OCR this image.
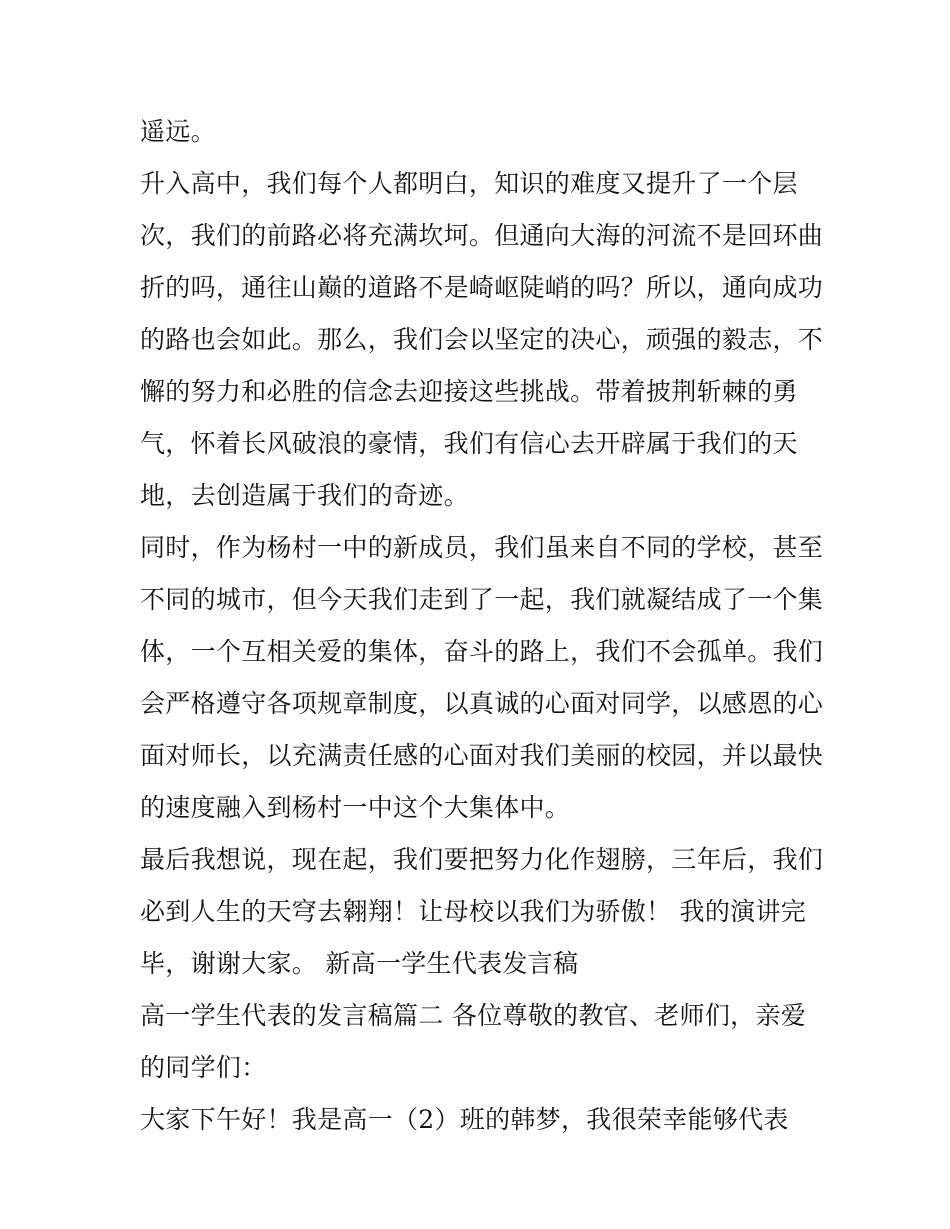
遥远。
升入高中，我们每个人都明白，知识的难度又提升了一个层
次，我们的前路必将充满坎坷。但通向大海的河流不是回环曲
折的吗，通往山巅的道路不是崎岖陡峭的吗？所以，通向成功
的路也会如此。那么，我们会以坚定的决心，顽强的毅志，不
懈的努力和必胜的信念去迎接这些挑战。带着披荆斩棘的勇
气，怀着长风破浪的豪情，我们有信心去开辟属于我们的天
地，去创造属于我们的奇迹。
同时，作为杨村一中的新成员，我们虽来自不同的学校，甚至
不同的城市，但今天我们走到了一起，我们就凝结成了一个集
体，一个互相关爱的集体，奋斗的路上，我们不会孤单。我们
会严格遵守各项规章制度，以真诚的心面对同学，以感恩的心
面对师长，以充满责任感的心面对我们美丽的校园，并以最快
的速度融入到杨村一中这个大集体中。
最后我想说，现在起，我们要把努力化作翅膀，三年后，我们
必到人生的天穹去翱翔！让母校以我们为骄傲！ 我的演讲完
毕，谢谢大家。 新高一学生代表发言稿
高一学生代表的发言稿篇二 各位尊敬的教官、老师们，亲爱
的同学们：
大家下午好！我是高一（2）班的韩梦，我很荣幸能够代表
